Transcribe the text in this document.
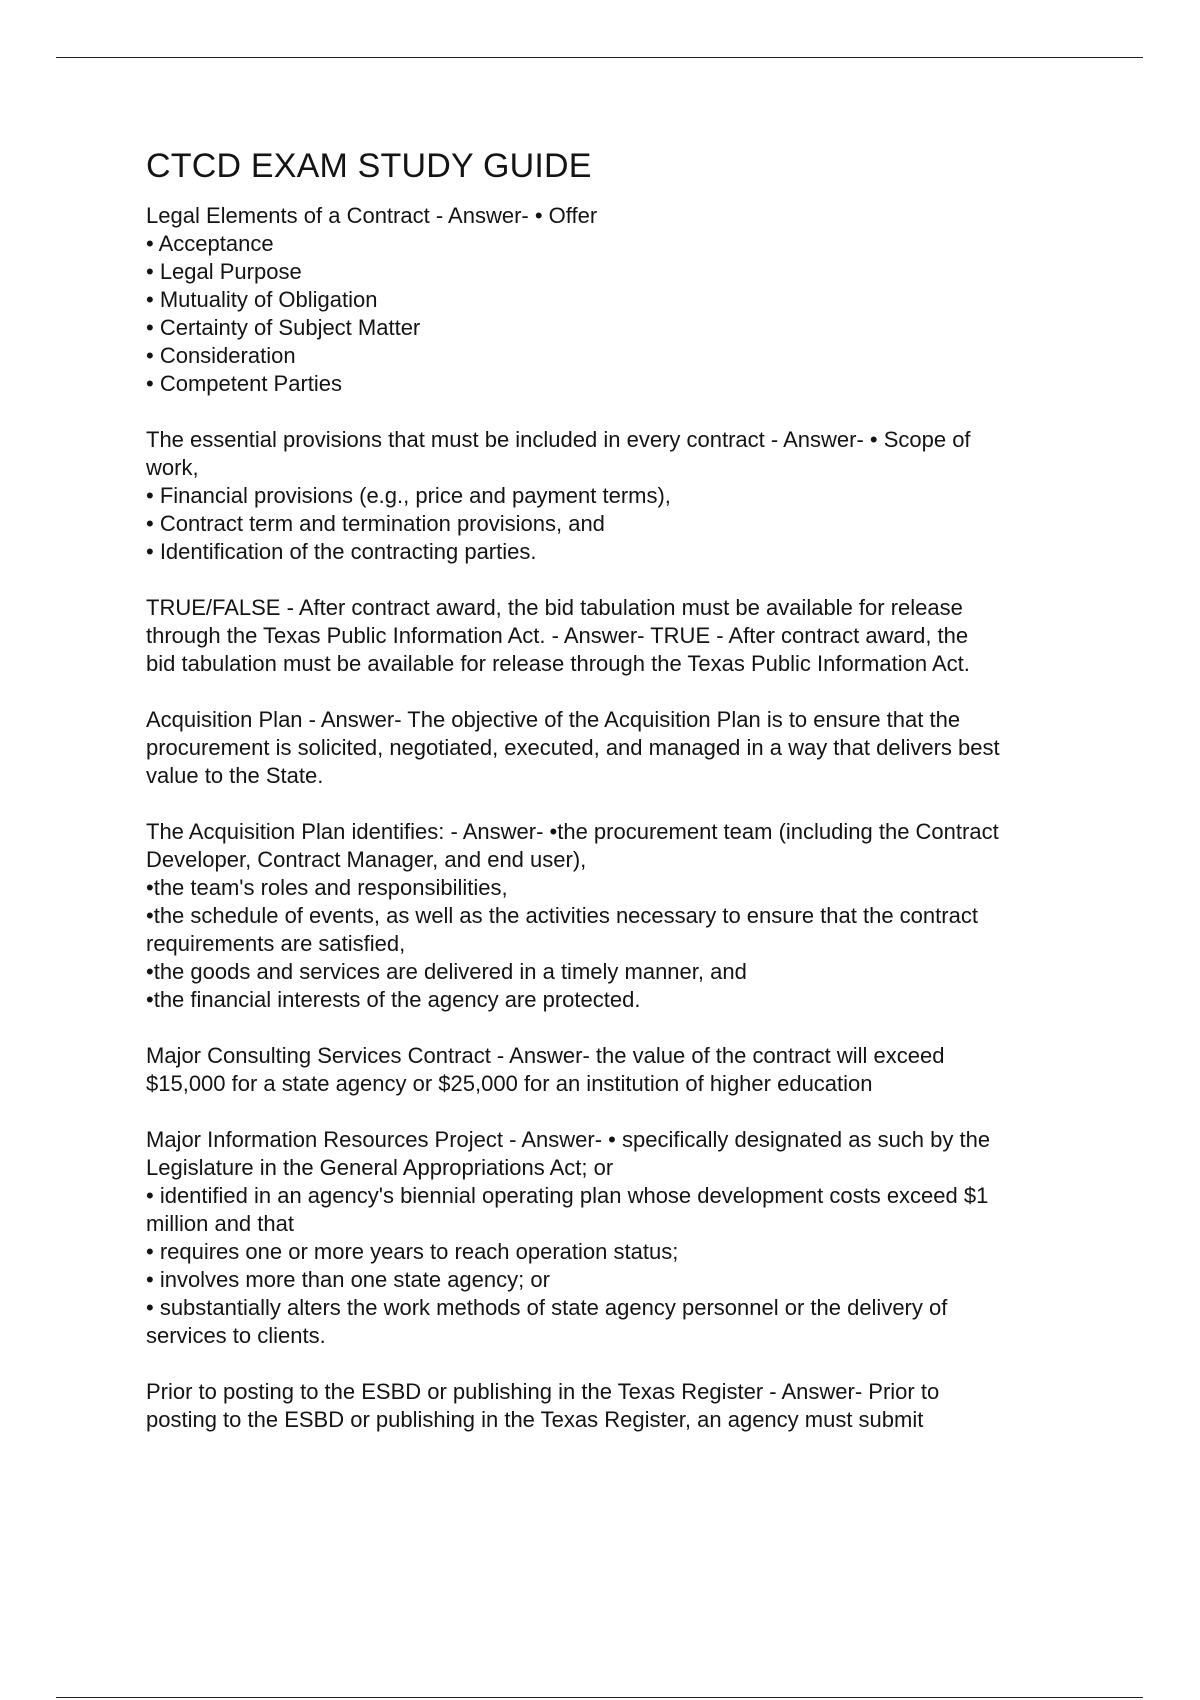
CTCD EXAM STUDY GUIDE
Legal Elements of a Contract - Answer- • Offer
• Acceptance
• Legal Purpose
• Mutuality of Obligation
• Certainty of Subject Matter
• Consideration
• Competent Parties
The essential provisions that must be included in every contract - Answer- • Scope of
work,
• Financial provisions (e.g., price and payment terms),
• Contract term and termination provisions, and
• Identification of the contracting parties.
TRUE/FALSE - After contract award, the bid tabulation must be available for release
through the Texas Public Information Act. - Answer- TRUE - After contract award, the
bid tabulation must be available for release through the Texas Public Information Act.
Acquisition Plan - Answer- The objective of the Acquisition Plan is to ensure that the
procurement is solicited, negotiated, executed, and managed in a way that delivers best
value to the State.
The Acquisition Plan identifies: - Answer- •the procurement team (including the Contract
Developer, Contract Manager, and end user),
•the team's roles and responsibilities,
•the schedule of events, as well as the activities necessary to ensure that the contract
requirements are satisfied,
•the goods and services are delivered in a timely manner, and
•the financial interests of the agency are protected.
Major Consulting Services Contract - Answer- the value of the contract will exceed
$15,000 for a state agency or $25,000 for an institution of higher education
Major Information Resources Project - Answer- • specifically designated as such by the
Legislature in the General Appropriations Act; or
• identified in an agency's biennial operating plan whose development costs exceed $1
million and that
• requires one or more years to reach operation status;
• involves more than one state agency; or
• substantially alters the work methods of state agency personnel or the delivery of
services to clients.
Prior to posting to the ESBD or publishing in the Texas Register - Answer- Prior to
posting to the ESBD or publishing in the Texas Register, an agency must submit
